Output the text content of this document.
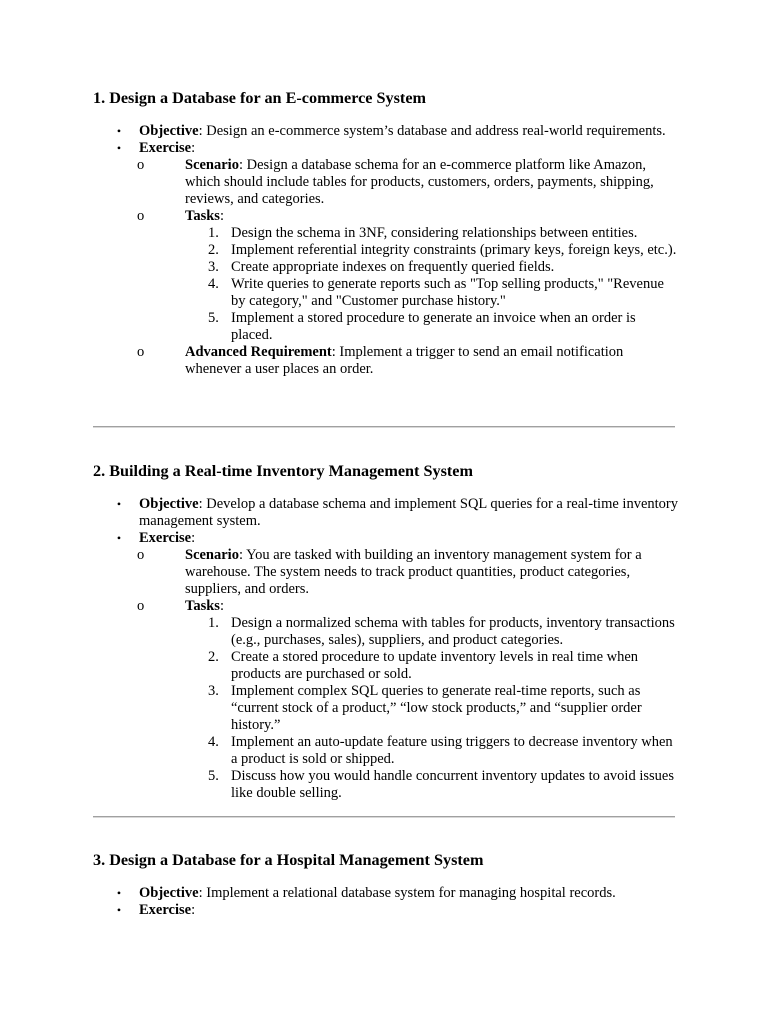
1. Design a Database for an E-commerce System
• Objective: Design an e-commerce system’s database and address real-world requirements.
• Exercise:
o	Scenario: Design a database schema for an e-commerce platform like Amazon, which should include tables for products, customers, orders, payments, shipping, reviews, and categories.
o	Tasks:
1. Design the schema in 3NF, considering relationships between entities.
2. Implement referential integrity constraints (primary keys, foreign keys, etc.).
3. Create appropriate indexes on frequently queried fields.
4. Write queries to generate reports such as "Top selling products," "Revenue by category," and "Customer purchase history."
5. Implement a stored procedure to generate an invoice when an order is placed.
o	Advanced Requirement: Implement a trigger to send an email notification whenever a user places an order.
2. Building a Real-time Inventory Management System
• Objective: Develop a database schema and implement SQL queries for a real-time inventory management system.
• Exercise:
o	Scenario: You are tasked with building an inventory management system for a warehouse. The system needs to track product quantities, product categories, suppliers, and orders.
o	Tasks:
1. Design a normalized schema with tables for products, inventory transactions (e.g., purchases, sales), suppliers, and product categories.
2. Create a stored procedure to update inventory levels in real time when products are purchased or sold.
3. Implement complex SQL queries to generate real-time reports, such as “current stock of a product,” “low stock products,” and “supplier order history.”
4. Implement an auto-update feature using triggers to decrease inventory when a product is sold or shipped.
5. Discuss how you would handle concurrent inventory updates to avoid issues like double selling.
3. Design a Database for a Hospital Management System
• Objective: Implement a relational database system for managing hospital records.
• Exercise:
